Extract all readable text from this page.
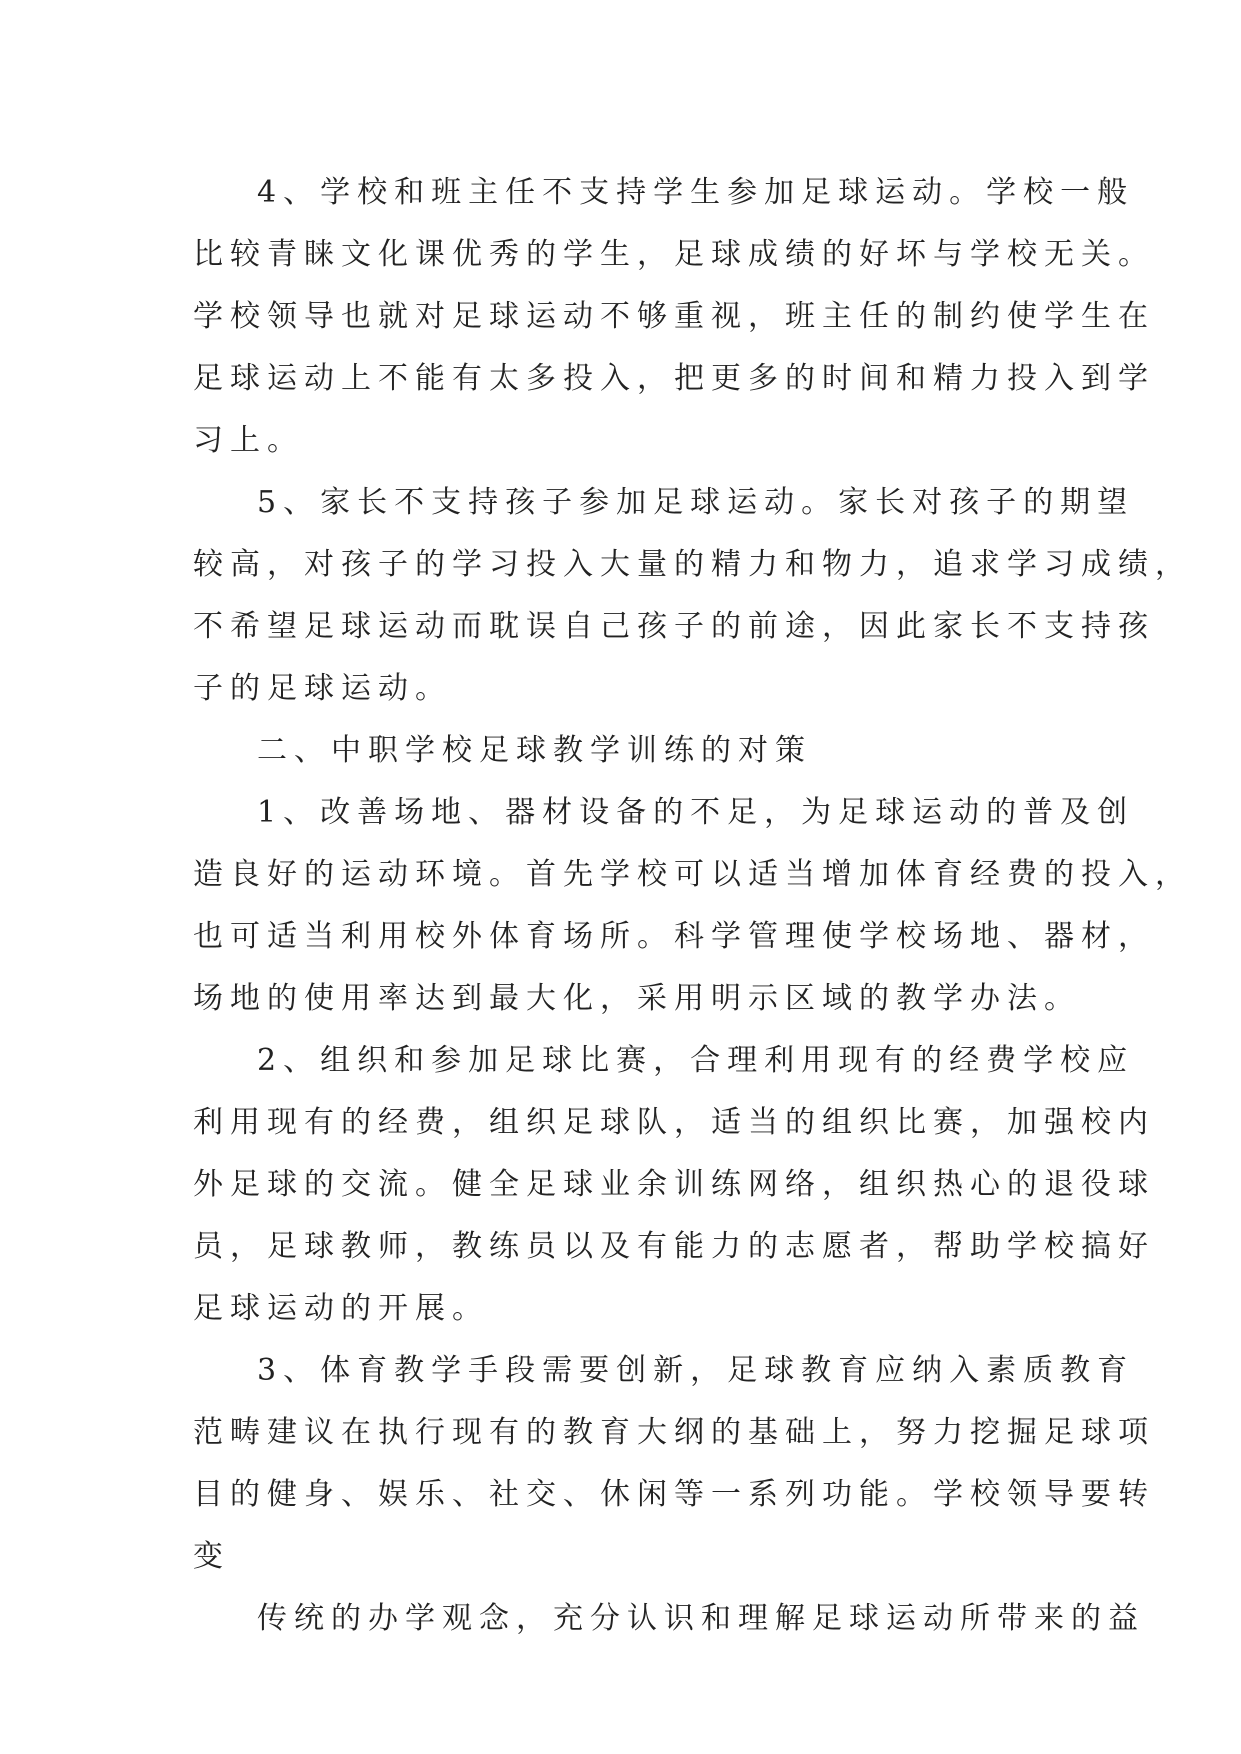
4、学校和班主任不支持学生参加足球运动。学校一般
比较青睐文化课优秀的学生，足球成绩的好坏与学校无关。
学校领导也就对足球运动不够重视，班主任的制约使学生在
足球运动上不能有太多投入，把更多的时间和精力投入到学
习上。
5、家长不支持孩子参加足球运动。家长对孩子的期望
较高，对孩子的学习投入大量的精力和物力，追求学习成绩，
不希望足球运动而耽误自己孩子的前途，因此家长不支持孩
子的足球运动。
二、中职学校足球教学训练的对策
1、改善场地、器材设备的不足，为足球运动的普及创
造良好的运动环境。首先学校可以适当增加体育经费的投入，
也可适当利用校外体育场所。科学管理使学校场地、器材，
场地的使用率达到最大化，采用明示区域的教学办法。
2、组织和参加足球比赛，合理利用现有的经费学校应
利用现有的经费，组织足球队，适当的组织比赛，加强校内
外足球的交流。健全足球业余训练网络，组织热心的退役球
员，足球教师，教练员以及有能力的志愿者，帮助学校搞好
足球运动的开展。
3、体育教学手段需要创新，足球教育应纳入素质教育
范畴建议在执行现有的教育大纲的基础上，努力挖掘足球项
目的健身、娱乐、社交、休闲等一系列功能。学校领导要转
变
传统的办学观念，充分认识和理解足球运动所带来的益
